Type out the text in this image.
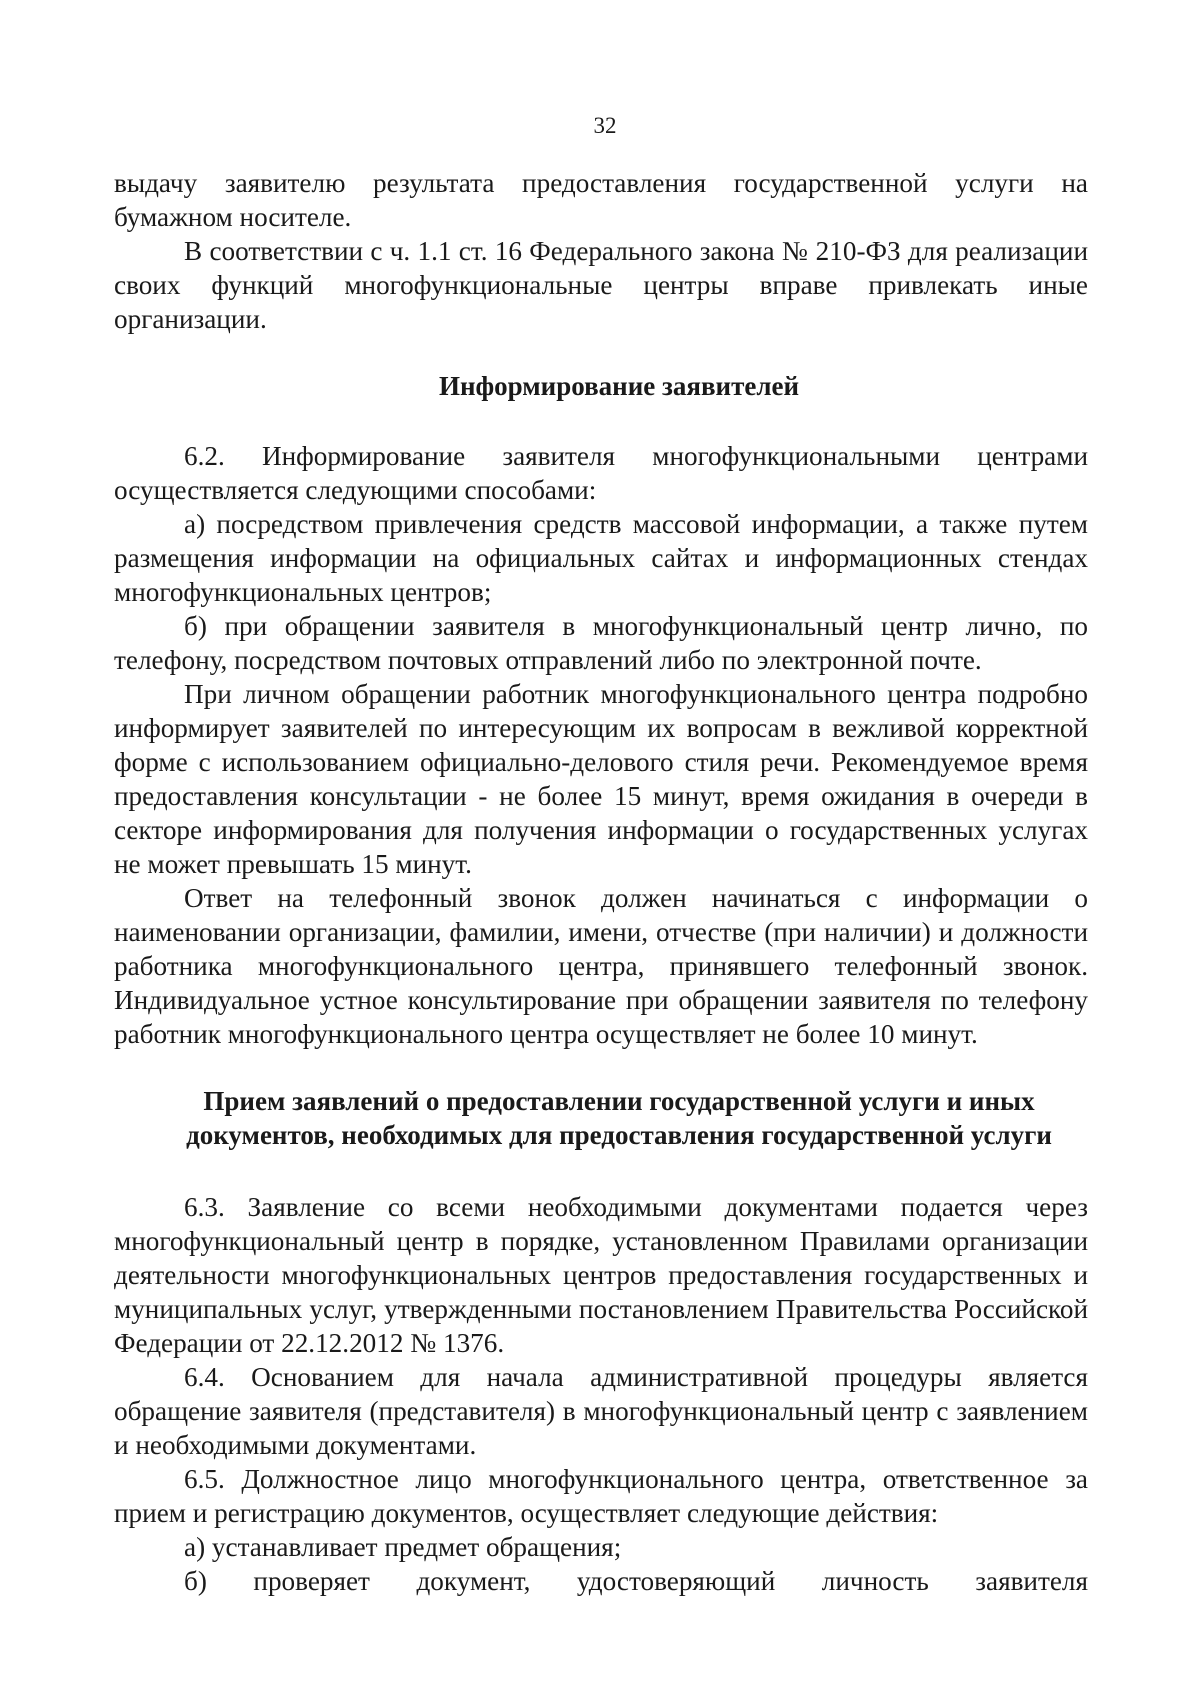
32

выдачу заявителю результата предоставления государственной услуги на бумажном носителе.

В соответствии с ч. 1.1 ст. 16 Федерального закона № 210-ФЗ для реализации своих функций многофункциональные центры вправе привлекать иные организации.

Информирование заявителей

6.2. Информирование заявителя многофункциональными центрами осуществляется следующими способами:

а) посредством привлечения средств массовой информации, а также путем размещения информации на официальных сайтах и информационных стендах многофункциональных центров;

б) при обращении заявителя в многофункциональный центр лично, по телефону, посредством почтовых отправлений либо по электронной почте.

При личном обращении работник многофункционального центра подробно информирует заявителей по интересующим их вопросам в вежливой корректной форме с использованием официально-делового стиля речи. Рекомендуемое время предоставления консультации - не более 15 минут, время ожидания в очереди в секторе информирования для получения информации о государственных услугах не может превышать 15 минут.

Ответ на телефонный звонок должен начинаться с информации о наименовании организации, фамилии, имени, отчестве (при наличии) и должности работника многофункционального центра, принявшего телефонный звонок. Индивидуальное устное консультирование при обращении заявителя по телефону работник многофункционального центра осуществляет не более 10 минут.

Прием заявлений о предоставлении государственной услуги и иных
документов, необходимых для предоставления государственной услуги

6.3. Заявление со всеми необходимыми документами подается через многофункциональный центр в порядке, установленном Правилами организации деятельности многофункциональных центров предоставления государственных и муниципальных услуг, утвержденными постановлением Правительства Российской Федерации от 22.12.2012 № 1376.

6.4. Основанием для начала административной процедуры является обращение заявителя (представителя) в многофункциональный центр с заявлением и необходимыми документами.

6.5. Должностное лицо многофункционального центра, ответственное за прием и регистрацию документов, осуществляет следующие действия:

а) устанавливает предмет обращения;

б) проверяет документ, удостоверяющий личность заявителя
